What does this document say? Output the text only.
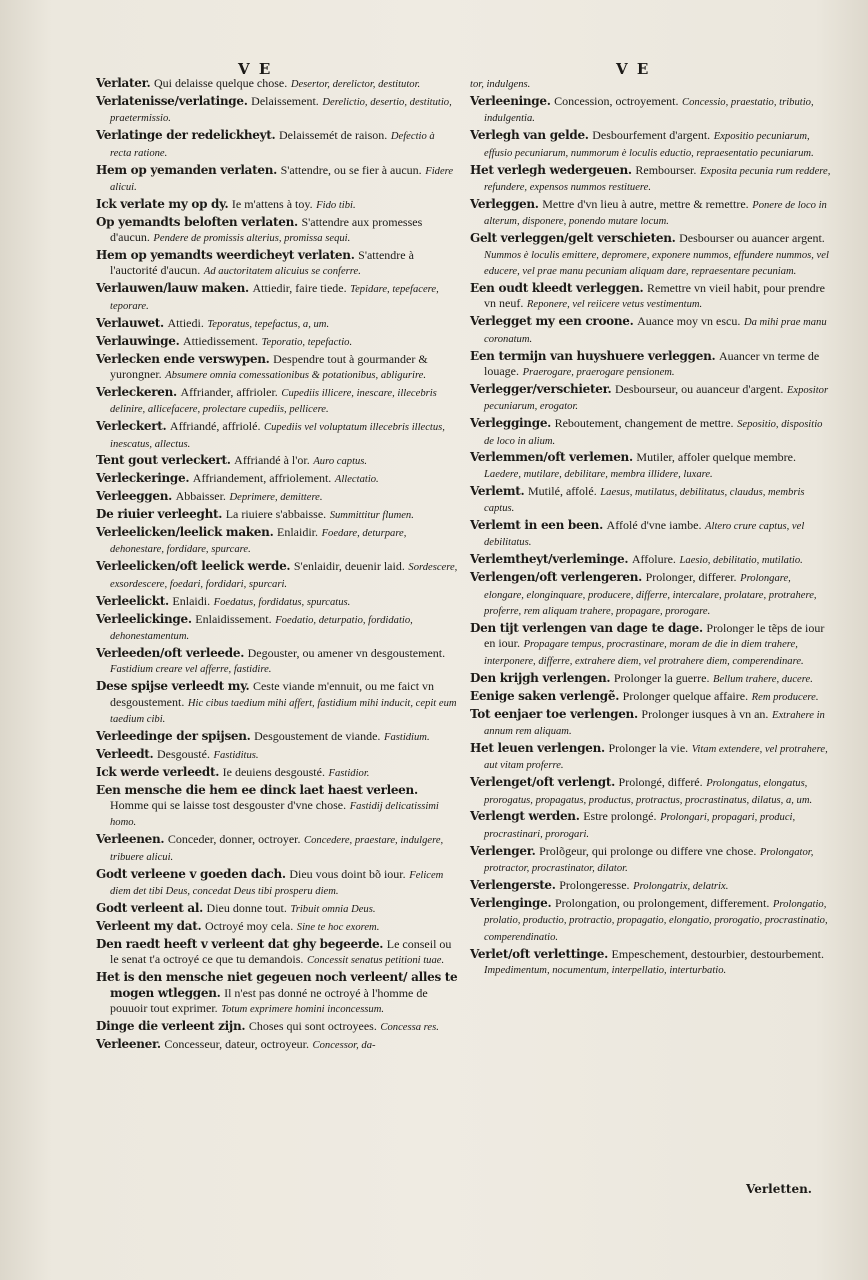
V E	V E

Verlater. Qui delaisse quelque chose. Desertor, derelictor, destitutor.

Verlatenisse/verlatinge. Delaissement. Derelictio, desertio, destitutio, praetermissio.

Verlatinge der redelickheyt. Delaissemét de raison. Defectio à recta ratione.

Hem op yemanden verlaten. S'attendre, ou se fier à aucun. Fidere alicui.

Ick verlate my op dy. Ie m'attens à toy. Fido tibi.

Op yemandts beloften verlaten. S'attendre aux promesses d'aucun. Pendere de promissis alterius, promissa sequi.

Hem op yemandts weerdicheyt verlaten. S'attendre à l'auctorité d'aucun. Ad auctoritatem alicuius se conferre.

Verlauwen/lauw maken. Attiedir, faire tiede. Tepidare, tepefacere, teporare.

Verlauwet. Attiedi. Teporatus, tepefactus, a, um.

Verlauwinge. Attiedissement. Teporatio, tepefactio.

Verlecken ende verswypen. Despendre tout à gourmander & yurongner. Absumere omnia comessationibus & potationibus, abligurire.

Verleckeren. Affriander, affrioler. Cupediis illicere, inescare, illecebris delinire, allicefacere, prolectare cupediis, pellicere.

Verleckert. Affriandé, affriolé. Cupediis vel voluptatum illecebris illectus, inescatus, allectus.

Tent gout verleckert. Affriandé à l'or. Auro captus.

Verleckeringe. Affriandement, affriolement. Allectatio.

Verleeggen. Abbaisser. Deprimere, demittere.

De riuier verleeght. La riuiere s'abbaisse. Summittitur flumen.

Verleelicken/leelick maken. Enlaidir. Foedare, deturpare, dehonestare, fordidare, spurcare.

Verleelicken/oft leelick werde. S'enlaidir, deuenir laid. Sordescere, exsordescere, foedari, fordidari, spurcari.

Verleelickt. Enlaidi. Foedatus, fordidatus, spurcatus.

Verleelickinge. Enlaidissement. Foedatio, deturpatio, fordidatio, dehonestamentum.

Verleeden/oft verleede. Degouster, ou amener vn desgoustement. Fastidium creare vel afferre, fastidire.

Dese spijse verleedt my. Ceste viande m'ennuit, ou me faict vn desgoustement. Hic cibus taedium mihi affert, fastidium mihi inducit, cepit eum taedium cibi.

Verleedinge der spijsen. Desgoustement de viande. Fastidium.

Verleedt. Desgousté. Fastiditus.

Ick werde verleedt. Ie deuiens desgousté. Fastidior.

Een mensche die hem ee dinck laet haest verleen. Homme qui se laisse tost desgouster d'vne chose. Fastidij delicatissimi homo.

Verleenen. Conceder, donner, octroyer. Concedere, praestare, indulgere, tribuere alicui.

Godt verleene v goeden dach. Dieu vous doint bõ iour. Felicem diem det tibi Deus, concedat Deus tibi prosperu diem.

Godt verleent al. Dieu donne tout. Tribuit omnia Deus.

Verleent my dat. Octroyé moy cela. Sine te hoc exorem.

Den raedt heeft v verleent dat ghy begeerde. Le conseil ou le senat t'a octroyé ce que tu demandois. Concessit senatus petitioni tuae.

Het is den mensche niet gegeuen noch verleent/ alles te mogen wtleggen. Il n'est pas donné ne octroyé à l'homme de pouuoir tout exprimer. Totum exprimere homini inconcessum.

Dinge die verleent zijn. Choses qui sont octroyees. Concessa res.

Verleener. Concesseur, dateur, octroyeur. Concessor, da-

tor, indulgens.

Verleeninge. Concession, octroyement. Concessio, praestatio, tributio, indulgentia.

Verlegh van gelde. Desbourfement d'argent. Expositio pecuniarum, effusio pecuniarum, nummorum è loculis eductio, repraesentatio pecuniarum.

Het verlegh wedergeuen. Rembourser. Exposita pecunia rum reddere, refundere, expensos nummos restituere.

Verleggen. Mettre d'vn lieu à autre, mettre & remettre. Ponere de loco in alterum, disponere, ponendo mutare locum.

Gelt verleggen/gelt verschieten. Desbourser ou auancer argent. Nummos è loculis emittere, depromere, exponere nummos, effundere nummos, vel educere, vel prae manu pecuniam aliquam dare, repraesentare pecuniam.

Een oudt kleedt verleggen. Remettre vn vieil habit, pour prendre vn neuf. Reponere, vel reiicere vetus vestimentum.

Verlegget my een croone. Auance moy vn escu. Da mihi prae manu coronatum.

Een termijn van huyshuere verleggen. Auancer vn terme de louage. Praerogare, praerogare pensionem.

Verlegger/verschieter. Desbourseur, ou auanceur d'argent. Expositor pecuniarum, erogator.

Verlegginge. Reboutement, changement de mettre. Sepositio, dispositio de loco in alium.

Verlemmen/oft verlemen. Mutiler, affoler quelque membre. Laedere, mutilare, debilitare, membra illidere, luxare.

Verlemt. Mutilé, affolé. Laesus, mutilatus, debilitatus, claudus, membris captus.

Verlemt in een been. Affolé d'vne iambe. Altero crure captus, vel debilitatus.

Verlemtheyt/verleminge. Affolure. Laesio, debilitatio, mutilatio.

Verlengen/oft verlengeren. Prolonger, differer. Prolongare, elongare, elonginquare, producere, differre, intercalare, prolatare, protrahere, proferre, rem aliquam trahere, propagare, prorogare.

Den tijt verlengen van dage te dage. Prolonger le tẽps de iour en iour. Propagare tempus, procrastinare, moram de die in diem trahere, interponere, differre, extrahere diem, vel protrahere diem, comperendinare.

Den krijgh verlengen. Prolonger la guerre. Bellum trahere, ducere.

Eenige saken verlengẽ. Prolonger quelque affaire. Rem producere.

Tot eenjaer toe verlengen. Prolonger iusques à vn an. Extrahere in annum rem aliquam.

Het leuen verlengen. Prolonger la vie. Vitam extendere, vel protrahere, aut vitam proferre.

Verlenget/oft verlengt. Prolongé, differé. Prolongatus, elongatus, prorogatus, propagatus, productus, protractus, procrastinatus, dilatus, a, um.

Verlengt werden. Estre prolongé. Prolongari, propagari, produci, procrastinari, prorogari.

Verlenger. Prolõgeur, qui prolonge ou differe vne chose. Prolongator, protractor, procrastinator, dilator.

Verlengerste. Prolongeresse. Prolongatrix, delatrix.

Verlenginge. Prolongation, ou prolongement, differement. Prolongatio, prolatio, productio, protractio, propagatio, elongatio, prorogatio, procrastinatio, comperendinatio.

Verlet/oft verlettinge. Empeschement, destourbier, destourbement. Impedimentum, nocumentum, interpellatio, interturbatio.

Verletten.
